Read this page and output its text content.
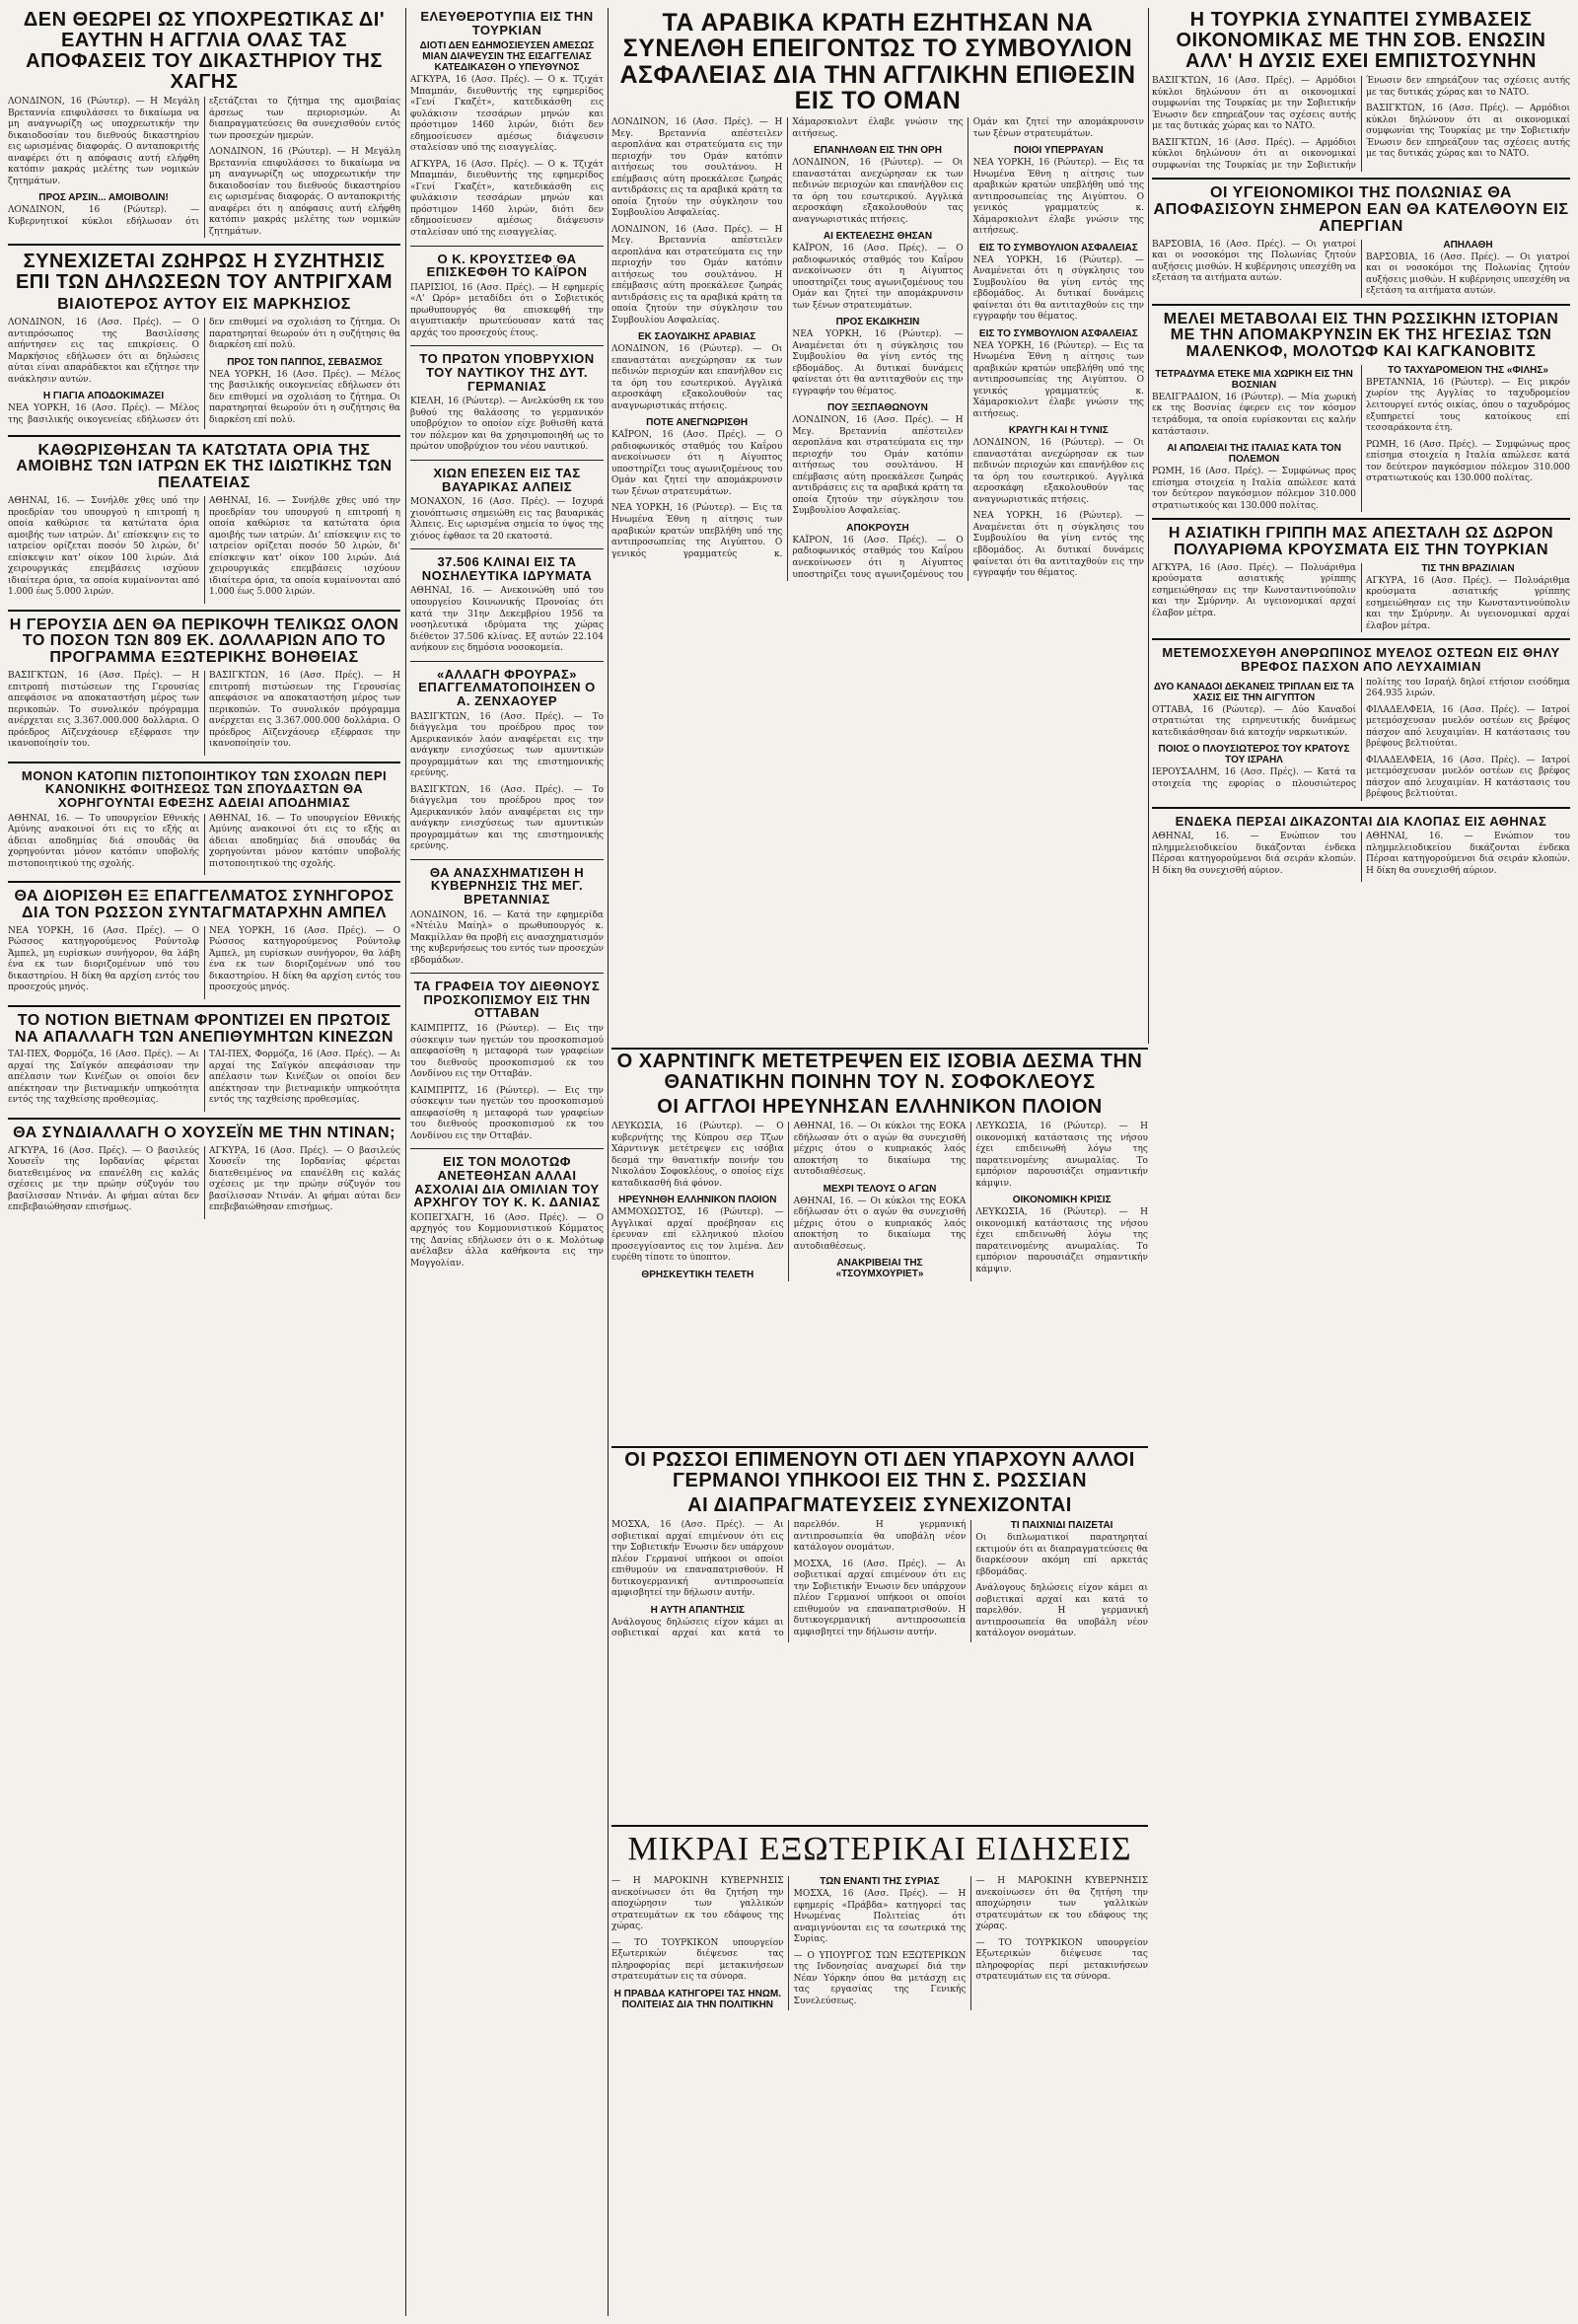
ΔΕΝ ΘΕΩΡΕΙ ΩΣ ΥΠΟΧΡΕΩΤΙΚΑΣ ΔΙ' ΕΑΥΤΗΝ Η ΑΓΓΛΙΑ ΟΛΑΣ ΤΑΣ ΑΠΟΦΑΣΕΙΣ ΤΟΥ ΔΙΚΑΣΤΗΡΙΟΥ ΤΗΣ ΧΑΓΗΣ

ΛΟΝΔΙΝΟΝ, 16 (Ρώυτερ). — Η Μεγάλη Βρεταννία επιφυλάσσει το δικαίωμα να μη αναγνωρίζη ως υποχρεωτικήν την δικαιοδοσίαν του διεθνούς δικαστηρίου εις ωρισμένας διαφοράς. Ο ανταποκριτής αναφέρει ότι η απόφασις αυτή ελήφθη κατόπιν μακράς μελέτης των νομικών ζητημάτων.

ΠΡΟΣ ΑΡΣΙΝ... ΑΜΟΙΒΟΛΙΝ!

ΛΟΝΔΙΝΟΝ, 16 (Ρώυτερ). — Κυβερνητικοί κύκλοι εδήλωσαν ότι εξετάζεται το ζήτημα της αμοιβαίας άρσεως των περιορισμών. Αι διαπραγματεύσεις θα συνεχισθούν εντός των προσεχών ημερών.

ΛΟΝΔΙΝΟΝ, 16 (Ρώυτερ). — Η Μεγάλη Βρεταννία επιφυλάσσει το δικαίωμα να μη αναγνωρίζη ως υποχρεωτικήν την δικαιοδοσίαν του διεθνούς δικαστηρίου εις ωρισμένας διαφοράς. Ο ανταποκριτής αναφέρει ότι η απόφασις αυτή ελήφθη κατόπιν μακράς μελέτης των νομικών ζητημάτων.

ΣΥΝΕΧΙΖΕΤΑΙ ΖΩΗΡΩΣ Η ΣΥΖΗΤΗΣΙΣ ΕΠΙ ΤΩΝ ΔΗΛΩΣΕΩΝ ΤΟΥ ΑΝΤΡΙΓΧΑΜ
ΒΙΑΙΟΤΕΡΟΣ ΑΥΤΟΥ ΕΙΣ ΜΑΡΚΗΣΙΟΣ

ΛΟΝΔΙΝΟΝ, 16 (Ασσ. Πρές). — Ο αντιπρόσωπος της Βασιλίσσης απήντησεν εις τας επικρίσεις. Ο Μαρκήσιος εδήλωσεν ότι αι δηλώσεις αύται είναι απαράδεκτοι και εζήτησε την ανάκλησιν αυτών.

Η ΓΙΑΓΙΑ ΑΠΟΔΟΚΙΜΑΖΕΙ

ΝΕΑ ΥΟΡΚΗ, 16 (Ασσ. Πρές). — Μέλος της βασιλικής οικογενείας εδήλωσεν ότι δεν επιθυμεί να σχολιάση το ζήτημα. Οι παρατηρηταί θεωρούν ότι η συζήτησις θα διαρκέση επί πολύ.

ΠΡΟΣ ΤΟΝ ΠΑΠΠΟΣ, ΣΕΒΑΣΜΟΣ

ΝΕΑ ΥΟΡΚΗ, 16 (Ασσ. Πρές). — Μέλος της βασιλικής οικογενείας εδήλωσεν ότι δεν επιθυμεί να σχολιάση το ζήτημα. Οι παρατηρηταί θεωρούν ότι η συζήτησις θα διαρκέση επί πολύ.

ΚΑΘΩΡΙΣΘΗΣΑΝ ΤΑ ΚΑΤΩΤΑΤΑ ΟΡΙΑ ΤΗΣ ΑΜΟΙΒΗΣ ΤΩΝ ΙΑΤΡΩΝ ΕΚ ΤΗΣ ΙΔΙΩΤΙΚΗΣ ΤΩΝ ΠΕΛΑΤΕΙΑΣ

ΑΘΗΝΑΙ, 16. — Συνήλθε χθες υπό την προεδρίαν του υπουργού η επιτροπή η οποία καθώρισε τα κατώτατα όρια αμοιβής των ιατρών. Δι' επίσκεψιν εις το ιατρείον ορίζεται ποσόν 50 λιρών, δι' επίσκεψιν κατ' οίκον 100 λιρών. Διά χειρουργικάς επεμβάσεις ισχύουν ιδιαίτερα όρια, τα οποία κυμαίνονται από 1.000 έως 5.000 λιρών.

ΑΘΗΝΑΙ, 16. — Συνήλθε χθες υπό την προεδρίαν του υπουργού η επιτροπή η οποία καθώρισε τα κατώτατα όρια αμοιβής των ιατρών. Δι' επίσκεψιν εις το ιατρείον ορίζεται ποσόν 50 λιρών, δι' επίσκεψιν κατ' οίκον 100 λιρών. Διά χειρουργικάς επεμβάσεις ισχύουν ιδιαίτερα όρια, τα οποία κυμαίνονται από 1.000 έως 5.000 λιρών.

Η ΓΕΡΟΥΣΙΑ ΔΕΝ ΘΑ ΠΕΡΙΚΟΨΗ ΤΕΛΙΚΩΣ ΟΛΟΝ ΤΟ ΠΟΣΟΝ ΤΩΝ 809 ΕΚ. ΔΟΛΛΑΡΙΩΝ ΑΠΟ ΤΟ ΠΡΟΓΡΑΜΜΑ ΕΞΩΤΕΡΙΚΗΣ ΒΟΗΘΕΙΑΣ

ΒΑΣΙΓΚΤΩΝ, 16 (Ασσ. Πρές). — Η επιτροπή πιστώσεων της Γερουσίας απεφάσισε να αποκαταστήση μέρος των περικοπών. Το συνολικόν πρόγραμμα ανέρχεται εις 3.367.000.000 δολλάρια. Ο πρόεδρος Αϊζενχάουερ εξέφρασε την ικανοποίησίν του.

ΒΑΣΙΓΚΤΩΝ, 16 (Ασσ. Πρές). — Η επιτροπή πιστώσεων της Γερουσίας απεφάσισε να αποκαταστήση μέρος των περικοπών. Το συνολικόν πρόγραμμα ανέρχεται εις 3.367.000.000 δολλάρια. Ο πρόεδρος Αϊζενχάουερ εξέφρασε την ικανοποίησίν του.

ΜΟΝΟΝ ΚΑΤΟΠΙΝ ΠΙΣΤΟΠΟΙΗΤΙΚΟΥ ΤΩΝ ΣΧΟΛΩΝ ΠΕΡΙ ΚΑΝΟΝΙΚΗΣ ΦΟΙΤΗΣΕΩΣ ΤΩΝ ΣΠΟΥΔΑΣΤΩΝ ΘΑ ΧΟΡΗΓΟΥΝΤΑΙ ΕΦΕΞΗΣ ΑΔΕΙΑΙ ΑΠΟΔΗΜΙΑΣ

ΑΘΗΝΑΙ, 16. — Το υπουργείον Εθνικής Αμύνης ανακοινοί ότι εις το εξής αι άδειαι αποδημίας διά σπουδάς θα χορηγούνται μόνον κατόπιν υποβολής πιστοποιητικού της σχολής.

ΑΘΗΝΑΙ, 16. — Το υπουργείον Εθνικής Αμύνης ανακοινοί ότι εις το εξής αι άδειαι αποδημίας διά σπουδάς θα χορηγούνται μόνον κατόπιν υποβολής πιστοποιητικού της σχολής.

ΘΑ ΔΙΟΡΙΣΘΗ ΕΞ ΕΠΑΓΓΕΛΜΑΤΟΣ ΣΥΝΗΓΟΡΟΣ ΔΙΑ ΤΟΝ ΡΩΣΣΟΝ ΣΥΝΤΑΓΜΑΤΑΡΧΗΝ ΑΜΠΕΛ

ΝΕΑ ΥΟΡΚΗ, 16 (Ασσ. Πρές). — Ο Ρώσσος κατηγορούμενος Ρούντολφ Άμπελ, μη ευρίσκων συνήγορον, θα λάβη ένα εκ των διοριζομένων υπό του δικαστηρίου. Η δίκη θα αρχίση εντός του προσεχούς μηνός.

ΝΕΑ ΥΟΡΚΗ, 16 (Ασσ. Πρές). — Ο Ρώσσος κατηγορούμενος Ρούντολφ Άμπελ, μη ευρίσκων συνήγορον, θα λάβη ένα εκ των διοριζομένων υπό του δικαστηρίου. Η δίκη θα αρχίση εντός του προσεχούς μηνός.

ΤΟ ΝΟΤΙΟΝ ΒΙΕΤΝΑΜ ΦΡΟΝΤΙΖΕΙ ΕΝ ΠΡΩΤΟΙΣ ΝΑ ΑΠΑΛΛΑΓΗ ΤΩΝ ΑΝΕΠΙΘΥΜΗΤΩΝ ΚΙΝΕΖΩΝ

ΤΑΙ-ΠΕΧ, Φορμόζα, 16 (Ασσ. Πρές). — Αι αρχαί της Σαϊγκόν απεφάσισαν την απέλασιν των Κινέζων οι οποίοι δεν απέκτησαν την βιετναμικήν υπηκοότητα εντός της ταχθείσης προθεσμίας.

ΤΑΙ-ΠΕΧ, Φορμόζα, 16 (Ασσ. Πρές). — Αι αρχαί της Σαϊγκόν απεφάσισαν την απέλασιν των Κινέζων οι οποίοι δεν απέκτησαν την βιετναμικήν υπηκοότητα εντός της ταχθείσης προθεσμίας.

ΘΑ ΣΥΝΔΙΑΛΛΑΓΗ Ο ΧΟΥΣΕΪΝ ΜΕ ΤΗΝ ΝΤΙΝΑΝ;

ΑΓΚΥΡΑ, 16 (Ασσ. Πρές). — Ο βασιλεύς Χουσεΐν της Ιορδανίας φέρεται διατεθειμένος να επανέλθη εις καλάς σχέσεις με την πρώην σύζυγόν του βασίλισσαν Ντινάν. Αι φήμαι αύται δεν επεβεβαιώθησαν επισήμως.

ΑΓΚΥΡΑ, 16 (Ασσ. Πρές). — Ο βασιλεύς Χουσεΐν της Ιορδανίας φέρεται διατεθειμένος να επανέλθη εις καλάς σχέσεις με την πρώην σύζυγόν του βασίλισσαν Ντινάν. Αι φήμαι αύται δεν επεβεβαιώθησαν επισήμως.

ΕΛΕΥΘΕΡΟΤΥΠΙΑ ΕΙΣ ΤΗΝ ΤΟΥΡΚΙΑΝ
ΔΙΟΤΙ ΔΕΝ ΕΔΗΜΟΣΙΕΥΣΕΝ ΑΜΕΣΩΣ ΜΙΑΝ ΔΙΑΨΕΥΣΙΝ ΤΗΣ ΕΙΣΑΓΓΕΛΙΑΣ ΚΑΤΕΔΙΚΑΣΘΗ Ο ΥΠΕΥΘΥΝΟΣ

ΑΓΚΥΡΑ, 16 (Ασσ. Πρές). — Ο κ. Τζιχάτ Μπαμπάν, διευθυντής της εφημερίδος «Γενί Γκαζέτ», κατεδικάσθη εις φυλάκισιν τεσσάρων μηνών και πρόστιμον 1460 λιρών, διότι δεν εδημοσίευσεν αμέσως διάψευσιν σταλείσαν υπό της εισαγγελίας.

ΑΓΚΥΡΑ, 16 (Ασσ. Πρές). — Ο κ. Τζιχάτ Μπαμπάν, διευθυντής της εφημερίδος «Γενί Γκαζέτ», κατεδικάσθη εις φυλάκισιν τεσσάρων μηνών και πρόστιμον 1460 λιρών, διότι δεν εδημοσίευσεν αμέσως διάψευσιν σταλείσαν υπό της εισαγγελίας.

Ο Κ. ΚΡΟΥΣΤΣΕΦ ΘΑ ΕΠΙΣΚΕΦΘΗ ΤΟ ΚΑΪΡΟΝ

ΠΑΡΙΣΙΟΙ, 16 (Ασσ. Πρές). — Η εφημερίς «Λ' Ωρόρ» μεταδίδει ότι ο Σοβιετικός πρωθυπουργός θα επισκεφθή την αιγυπτιακήν πρωτεύουσαν κατά τας αρχάς του προσεχούς έτους.

ΤΟ ΠΡΩΤΟΝ ΥΠΟΒΡΥΧΙΟΝ ΤΟΥ ΝΑΥΤΙΚΟΥ ΤΗΣ ΔΥΤ. ΓΕΡΜΑΝΙΑΣ

ΚΙΕΛΗ, 16 (Ρώυτερ). — Ανελκύσθη εκ του βυθού της θαλάσσης το γερμανικόν υποβρύχιον το οποίον είχε βυθισθή κατά τον πόλεμον και θα χρησιμοποιηθή ως το πρώτον υποβρύχιον του νέου ναυτικού.

ΧΙΩΝ ΕΠΕΣΕΝ ΕΙΣ ΤΑΣ ΒΑΥΑΡΙΚΑΣ ΑΛΠΕΙΣ

ΜΟΝΑΧΟΝ, 16 (Ασσ. Πρές). — Ισχυρά χιονόπτωσις σημειώθη εις τας βαυαρικάς Άλπεις. Εις ωρισμένα σημεία το ύψος της χιόνος έφθασε τα 20 εκατοστά.

37.506 ΚΛΙΝΑΙ ΕΙΣ ΤΑ ΝΟΣΗΛΕΥΤΙΚΑ ΙΔΡΥΜΑΤΑ

ΑΘΗΝΑΙ, 16. — Ανεκοινώθη υπό του υπουργείου Κοινωνικής Προνοίας ότι κατά την 31ην Δεκεμβρίου 1956 τα νοσηλευτικά ιδρύματα της χώρας διέθετον 37.506 κλίνας. Εξ αυτών 22.104 ανήκουν εις δημόσια νοσοκομεία.

«ΑΛΛΑΓΗ ΦΡΟΥΡΑΣ» ΕΠΑΓΓΕΛΜΑΤΟΠΟΙΗΣΕΝ Ο Α. ΖΕΝΧΑΟΥΕΡ

ΒΑΣΙΓΚΤΩΝ, 16 (Ασσ. Πρές). — Το διάγγελμα του προέδρου προς τον Αμερικανικόν λαόν αναφέρεται εις την ανάγκην ενισχύσεως των αμυντικών προγραμμάτων και της επιστημονικής ερεύνης.

ΒΑΣΙΓΚΤΩΝ, 16 (Ασσ. Πρές). — Το διάγγελμα του προέδρου προς τον Αμερικανικόν λαόν αναφέρεται εις την ανάγκην ενισχύσεως των αμυντικών προγραμμάτων και της επιστημονικής ερεύνης.

ΘΑ ΑΝΑΣΧΗΜΑΤΙΣΘΗ Η ΚΥΒΕΡΝΗΣΙΣ ΤΗΣ ΜΕΓ. ΒΡΕΤΑΝΝΙΑΣ

ΛΟΝΔΙΝΟΝ, 16. — Κατά την εφημερίδα «Ντέιλυ Μαίηλ» ο πρωθυπουργός κ. Μακμίλλαν θα προβή εις ανασχηματισμόν της κυβερνήσεως του εντός των προσεχών εβδομάδων.

ΤΑ ΓΡΑΦΕΙΑ ΤΟΥ ΔΙΕΘΝΟΥΣ ΠΡΟΣΚΟΠΙΣΜΟΥ ΕΙΣ ΤΗΝ ΟΤΤΑΒΑΝ

ΚΑΙΜΠΡΙΤΖ, 16 (Ρώυτερ). — Εις την σύσκεψιν των ηγετών του προσκοπισμού απεφασίσθη η μεταφορά των γραφείων του διεθνούς προσκοπισμού εκ του Λονδίνου εις την Οτταβάν.

ΚΑΙΜΠΡΙΤΖ, 16 (Ρώυτερ). — Εις την σύσκεψιν των ηγετών του προσκοπισμού απεφασίσθη η μεταφορά των γραφείων του διεθνούς προσκοπισμού εκ του Λονδίνου εις την Οτταβάν.

ΕΙΣ ΤΟΝ ΜΟΛΟΤΩΦ ΑΝΕΤΕΘΗΣΑΝ ΑΛΛΑΙ ΑΣΧΟΛΙΑΙ ΔΙΑ ΟΜΙΛΙΑΝ ΤΟΥ ΑΡΧΗΓΟΥ ΤΟΥ Κ. Κ. ΔΑΝΙΑΣ

ΚΟΠΕΓΧΑΓΗ, 16 (Ασσ. Πρές). — Ο αρχηγός του Κομμουνιστικού Κόμματος της Δανίας εδήλωσεν ότι ο κ. Μολότωφ ανέλαβεν άλλα καθήκοντα εις την Μογγολίαν.

ΤΑ ΑΡΑΒΙΚΑ ΚΡΑΤΗ ΕΖΗΤΗΣΑΝ ΝΑ ΣΥΝΕΛΘΗ ΕΠΕΙΓΟΝΤΩΣ ΤΟ ΣΥΜΒΟΥΛΙΟΝ ΑΣΦΑΛΕΙΑΣ ΔΙΑ ΤΗΝ ΑΓΓΛΙΚΗΝ ΕΠΙΘΕΣΙΝ ΕΙΣ ΤΟ ΟΜΑΝ

ΛΟΝΔΙΝΟΝ, 16 (Ασσ. Πρές). — Η Μεγ. Βρεταννία απέστειλεν αεροπλάνα και στρατεύματα εις την περιοχήν του Ομάν κατόπιν αιτήσεως του σουλτάνου. Η επέμβασις αύτη προεκάλεσε ζωηράς αντιδράσεις εις τα αραβικά κράτη τα οποία ζητούν την σύγκλησιν του Συμβουλίου Ασφαλείας.

ΛΟΝΔΙΝΟΝ, 16 (Ασσ. Πρές). — Η Μεγ. Βρεταννία απέστειλεν αεροπλάνα και στρατεύματα εις την περιοχήν του Ομάν κατόπιν αιτήσεως του σουλτάνου. Η επέμβασις αύτη προεκάλεσε ζωηράς αντιδράσεις εις τα αραβικά κράτη τα οποία ζητούν την σύγκλησιν του Συμβουλίου Ασφαλείας.

ΕΚ ΣΑΟΥΔΙΚΗΣ ΑΡΑΒΙΑΣ

ΛΟΝΔΙΝΟΝ, 16 (Ρώυτερ). — Οι επαναστάται ανεχώρησαν εκ των πεδινών περιοχών και επανήλθον εις τα όρη του εσωτερικού. Αγγλικά αεροσκάφη εξακολουθούν τας αναγνωριστικάς πτήσεις.

ΠΟΤΕ ΑΝΕΓΝΩΡΙΣΘΗ

ΚΑΪΡΟΝ, 16 (Ασσ. Πρές). — Ο ραδιοφωνικός σταθμός του Καΐρου ανεκοίνωσεν ότι η Αίγυπτος υποστηρίζει τους αγωνιζομένους του Ομάν και ζητεί την απομάκρυνσιν των ξένων στρατευμάτων.

ΝΕΑ ΥΟΡΚΗ, 16 (Ρώυτερ). — Εις τα Ηνωμένα Έθνη η αίτησις των αραβικών κρατών υπεβλήθη υπό της αντιπροσωπείας της Αιγύπτου. Ο γενικός γραμματεύς κ. Χάμαρσκιολντ έλαβε γνώσιν της αιτήσεως.

ΕΠΑΝΗΛΘΑΝ ΕΙΣ ΤΗΝ ΟΡΗ

ΛΟΝΔΙΝΟΝ, 16 (Ρώυτερ). — Οι επαναστάται ανεχώρησαν εκ των πεδινών περιοχών και επανήλθον εις τα όρη του εσωτερικού. Αγγλικά αεροσκάφη εξακολουθούν τας αναγνωριστικάς πτήσεις.

ΑΙ ΕΚΤΕΛΕΣΗΣ ΘΗΣΑΝ

ΚΑΪΡΟΝ, 16 (Ασσ. Πρές). — Ο ραδιοφωνικός σταθμός του Καΐρου ανεκοίνωσεν ότι η Αίγυπτος υποστηρίζει τους αγωνιζομένους του Ομάν και ζητεί την απομάκρυνσιν των ξένων στρατευμάτων.

ΠΡΟΣ ΕΚΔΙΚΗΣΙΝ

ΝΕΑ ΥΟΡΚΗ, 16 (Ρώυτερ). — Αναμένεται ότι η σύγκλησις του Συμβουλίου θα γίνη εντός της εβδομάδος. Αι δυτικαί δυνάμεις φαίνεται ότι θα αντιταχθούν εις την εγγραφήν του θέματος.

ΠΟΥ ΞΕΣΠΑΘΩΝΟΥΝ

ΛΟΝΔΙΝΟΝ, 16 (Ασσ. Πρές). — Η Μεγ. Βρεταννία απέστειλεν αεροπλάνα και στρατεύματα εις την περιοχήν του Ομάν κατόπιν αιτήσεως του σουλτάνου. Η επέμβασις αύτη προεκάλεσε ζωηράς αντιδράσεις εις τα αραβικά κράτη τα οποία ζητούν την σύγκλησιν του Συμβουλίου Ασφαλείας.

ΑΠΟΚΡΟΥΣΗ

ΚΑΪΡΟΝ, 16 (Ασσ. Πρές). — Ο ραδιοφωνικός σταθμός του Καΐρου ανεκοίνωσεν ότι η Αίγυπτος υποστηρίζει τους αγωνιζομένους του Ομάν και ζητεί την απομάκρυνσιν των ξένων στρατευμάτων.

ΠΟΙΟΙ ΥΠΕΡΡΑΥΑΝ

ΝΕΑ ΥΟΡΚΗ, 16 (Ρώυτερ). — Εις τα Ηνωμένα Έθνη η αίτησις των αραβικών κρατών υπεβλήθη υπό της αντιπροσωπείας της Αιγύπτου. Ο γενικός γραμματεύς κ. Χάμαρσκιολντ έλαβε γνώσιν της αιτήσεως.

ΕΙΣ ΤΟ ΣΥΜΒΟΥΛΙΟΝ ΑΣΦΑΛΕΙΑΣ

ΝΕΑ ΥΟΡΚΗ, 16 (Ρώυτερ). — Αναμένεται ότι η σύγκλησις του Συμβουλίου θα γίνη εντός της εβδομάδος. Αι δυτικαί δυνάμεις φαίνεται ότι θα αντιταχθούν εις την εγγραφήν του θέματος.

ΕΙΣ ΤΟ ΣΥΜΒΟΥΛΙΟΝ ΑΣΦΑΛΕΙΑΣ

ΝΕΑ ΥΟΡΚΗ, 16 (Ρώυτερ). — Εις τα Ηνωμένα Έθνη η αίτησις των αραβικών κρατών υπεβλήθη υπό της αντιπροσωπείας της Αιγύπτου. Ο γενικός γραμματεύς κ. Χάμαρσκιολντ έλαβε γνώσιν της αιτήσεως.

ΚΡΑΥΓΗ ΚΑΙ Η ΤΥΝΙΣ

ΛΟΝΔΙΝΟΝ, 16 (Ρώυτερ). — Οι επαναστάται ανεχώρησαν εκ των πεδινών περιοχών και επανήλθον εις τα όρη του εσωτερικού. Αγγλικά αεροσκάφη εξακολουθούν τας αναγνωριστικάς πτήσεις.

ΝΕΑ ΥΟΡΚΗ, 16 (Ρώυτερ). — Αναμένεται ότι η σύγκλησις του Συμβουλίου θα γίνη εντός της εβδομάδος. Αι δυτικαί δυνάμεις φαίνεται ότι θα αντιταχθούν εις την εγγραφήν του θέματος.

Η ΤΟΥΡΚΙΑ ΣΥΝΑΠΤΕΙ ΣΥΜΒΑΣΕΙΣ ΟΙΚΟΝΟΜΙΚΑΣ ΜΕ ΤΗΝ ΣΟΒ. ΕΝΩΣΙΝ ΑΛΛ' Η ΔΥΣΙΣ ΕΧΕΙ ΕΜΠΙΣΤΟΣΥΝΗΝ

ΒΑΣΙΓΚΤΩΝ, 16 (Ασσ. Πρές). — Αρμόδιοι κύκλοι δηλώνουν ότι αι οικονομικαί συμφωνίαι της Τουρκίας με την Σοβιετικήν Ένωσιν δεν επηρεάζουν τας σχέσεις αυτής με τας δυτικάς χώρας και το ΝΑΤΟ.

ΒΑΣΙΓΚΤΩΝ, 16 (Ασσ. Πρές). — Αρμόδιοι κύκλοι δηλώνουν ότι αι οικονομικαί συμφωνίαι της Τουρκίας με την Σοβιετικήν Ένωσιν δεν επηρεάζουν τας σχέσεις αυτής με τας δυτικάς χώρας και το ΝΑΤΟ.

ΒΑΣΙΓΚΤΩΝ, 16 (Ασσ. Πρές). — Αρμόδιοι κύκλοι δηλώνουν ότι αι οικονομικαί συμφωνίαι της Τουρκίας με την Σοβιετικήν Ένωσιν δεν επηρεάζουν τας σχέσεις αυτής με τας δυτικάς χώρας και το ΝΑΤΟ.

ΟΙ ΥΓΕΙΟΝΟΜΙΚΟΙ ΤΗΣ ΠΟΛΩΝΙΑΣ ΘΑ ΑΠΟΦΑΣΙΣΟΥΝ ΣΗΜΕΡΟΝ ΕΑΝ ΘΑ ΚΑΤΕΛΘΟΥΝ ΕΙΣ ΑΠΕΡΓΙΑΝ

ΒΑΡΣΟΒΙΑ, 16 (Ασσ. Πρές). — Οι γιατροί και οι νοσοκόμοι της Πολωνίας ζητούν αυξήσεις μισθών. Η κυβέρνησις υπεσχέθη να εξετάση τα αιτήματα αυτών.

ΑΠΗΛΑΘΗ

ΒΑΡΣΟΒΙΑ, 16 (Ασσ. Πρές). — Οι γιατροί και οι νοσοκόμοι της Πολωνίας ζητούν αυξήσεις μισθών. Η κυβέρνησις υπεσχέθη να εξετάση τα αιτήματα αυτών.

ΜΕΛΕΙ ΜΕΤΑΒΟΛΑΙ ΕΙΣ ΤΗΝ ΡΩΣΣΙΚΗΝ ΙΣΤΟΡΙΑΝ ΜΕ ΤΗΝ ΑΠΟΜΑΚΡΥΝΣΙΝ ΕΚ ΤΗΣ ΗΓΕΣΙΑΣ ΤΩΝ ΜΑΛΕΝΚΟΦ, ΜΟΛΟΤΩΦ ΚΑΙ ΚΑΓΚΑΝΟΒΙΤΣ
ΤΕΤΡΑΔΥΜΑ ΕΤΕΚΕ ΜΙΑ ΧΩΡΙΚΗ ΕΙΣ ΤΗΝ ΒΟΣΝΙΑΝ

ΒΕΛΙΓΡΑΔΙΟΝ, 16 (Ρώυτερ). — Μία χωρική εκ της Βοσνίας έφερεν εις τον κόσμον τετράδυμα, τα οποία ευρίσκονται εις καλήν κατάστασιν.

ΑΙ ΑΠΩΛΕΙΑΙ ΤΗΣ ΙΤΑΛΙΑΣ ΚΑΤΑ ΤΟΝ ΠΟΛΕΜΟΝ

ΡΩΜΗ, 16 (Ασσ. Πρές). — Συμφώνως προς επίσημα στοιχεία η Ιταλία απώλεσε κατά τον δεύτερον παγκόσμιον πόλεμον 310.000 στρατιωτικούς και 130.000 πολίτας.

ΤΟ ΤΑΧΥΔΡΟΜΕΙΟΝ ΤΗΣ «ΦΙΛΗΣ»

ΒΡΕΤΑΝΝΙΑ, 16 (Ρώυτερ). — Εις μικρόν χωρίον της Αγγλίας το ταχυδρομείον λειτουργεί εντός οικίας, όπου ο ταχυδρόμος εξυπηρετεί τους κατοίκους επί τεσσαράκοντα έτη.

ΡΩΜΗ, 16 (Ασσ. Πρές). — Συμφώνως προς επίσημα στοιχεία η Ιταλία απώλεσε κατά τον δεύτερον παγκόσμιον πόλεμον 310.000 στρατιωτικούς και 130.000 πολίτας.

Η ΑΣΙΑΤΙΚΗ ΓΡΙΠΠΗ ΜΑΣ ΑΠΕΣΤΑΛΗ ΩΣ ΔΩΡΟΝ ΠΟΛΥΑΡΙΘΜΑ ΚΡΟΥΣΜΑΤΑ ΕΙΣ ΤΗΝ ΤΟΥΡΚΙΑΝ

ΑΓΚΥΡΑ, 16 (Ασσ. Πρές). — Πολυάριθμα κρούσματα ασιατικής γρίππης εσημειώθησαν εις την Κωνσταντινούπολιν και την Σμύρνην. Αι υγειονομικαί αρχαί έλαβον μέτρα.

ΤΙΣ ΤΗΝ ΒΡΑΖΙΛΙΑΝ

ΑΓΚΥΡΑ, 16 (Ασσ. Πρές). — Πολυάριθμα κρούσματα ασιατικής γρίππης εσημειώθησαν εις την Κωνσταντινούπολιν και την Σμύρνην. Αι υγειονομικαί αρχαί έλαβον μέτρα.

ΜΕΤΕΜΟΣΧΕΥΘΗ ΑΝΘΡΩΠΙΝΟΣ ΜΥΕΛΟΣ ΟΣΤΕΩΝ ΕΙΣ ΘΗΛΥ ΒΡΕΦΟΣ ΠΑΣΧΟΝ ΑΠΟ ΛΕΥΧΑΙΜΙΑΝ
ΔΥΟ ΚΑΝΑΔΟΙ ΔΕΚΑΝΕΙΣ ΤΡΙΠΛΑΝ ΕΙΣ ΤΑ ΧΑΣΙΣ ΕΙΣ ΤΗΝ ΑΙΓΥΠΤΟΝ

ΟΤΤΑΒΑ, 16 (Ρώυτερ). — Δύο Καναδοί στρατιώται της ειρηνευτικής δυνάμεως κατεδικάσθησαν διά κατοχήν ναρκωτικών.

ΠΟΙΟΣ Ο ΠΛΟΥΣΙΩΤΕΡΟΣ ΤΟΥ ΚΡΑΤΟΥΣ ΤΟΥ ΙΣΡΑΗΛ

ΙΕΡΟΥΣΑΛΗΜ, 16 (Ασσ. Πρές). — Κατά τα στοιχεία της εφορίας ο πλουσιώτερος πολίτης του Ισραήλ δηλοί ετήσιον εισόδημα 264.935 λιρών.

ΦΙΛΑΔΕΛΦΕΙΑ, 16 (Ασσ. Πρές). — Ιατροί μετεμόσχευσαν μυελόν οστέων εις βρέφος πάσχον από λευχαιμίαν. Η κατάστασις του βρέφους βελτιούται.

ΦΙΛΑΔΕΛΦΕΙΑ, 16 (Ασσ. Πρές). — Ιατροί μετεμόσχευσαν μυελόν οστέων εις βρέφος πάσχον από λευχαιμίαν. Η κατάστασις του βρέφους βελτιούται.

ΕΝΔΕΚΑ ΠΕΡΣΑΙ ΔΙΚΑΖΟΝΤΑΙ ΔΙΑ ΚΛΟΠΑΣ ΕΙΣ ΑΘΗΝΑΣ

ΑΘΗΝΑΙ, 16. — Ενώπιον του πλημμελειοδικείου δικάζονται ένδεκα Πέρσαι κατηγορούμενοι διά σειράν κλοπών. Η δίκη θα συνεχισθή αύριον.

ΑΘΗΝΑΙ, 16. — Ενώπιον του πλημμελειοδικείου δικάζονται ένδεκα Πέρσαι κατηγορούμενοι διά σειράν κλοπών. Η δίκη θα συνεχισθή αύριον.

Ο ΧΑΡΝΤΙΝΓΚ ΜΕΤΕΤΡΕΨΕΝ ΕΙΣ ΙΣΟΒΙΑ ΔΕΣΜΑ ΤΗΝ ΘΑΝΑΤΙΚΗΝ ΠΟΙΝΗΝ ΤΟΥ Ν. ΣΟΦΟΚΛΕΟΥΣ
ΟΙ ΑΓΓΛΟΙ ΗΡΕΥΝΗΣΑΝ ΕΛΛΗΝΙΚΟΝ ΠΛΟΙΟΝ

ΛΕΥΚΩΣΙΑ, 16 (Ρώυτερ). — Ο κυβερνήτης της Κύπρου σερ Τζων Χάρντινγκ μετέτρεψεν εις ισόβια δεσμά την θανατικήν ποινήν του Νικολάου Σοφοκλέους, ο οποίος είχε καταδικασθή διά φόνον.

ΗΡΕΥΝΗΘΗ ΕΛΛΗΝΙΚΟΝ ΠΛΟΙΟΝ

ΑΜΜΟΧΩΣΤΟΣ, 16 (Ρώυτερ). — Αγγλικαί αρχαί προέβησαν εις έρευναν επί ελληνικού πλοίου προσεγγίσαντος εις τον λιμένα. Δεν ευρέθη τίποτε το ύποπτον.

ΘΡΗΣΚΕΥΤΙΚΗ ΤΕΛΕΤΗ

ΑΘΗΝΑΙ, 16. — Οι κύκλοι της ΕΟΚΑ εδήλωσαν ότι ο αγών θα συνεχισθή μέχρις ότου ο κυπριακός λαός αποκτήση το δικαίωμα της αυτοδιαθέσεως.

ΜΕΧΡΙ ΤΕΛΟΥΣ Ο ΑΓΩΝ

ΑΘΗΝΑΙ, 16. — Οι κύκλοι της ΕΟΚΑ εδήλωσαν ότι ο αγών θα συνεχισθή μέχρις ότου ο κυπριακός λαός αποκτήση το δικαίωμα της αυτοδιαθέσεως.

ΑΝΑΚΡΙΒΕΙΑΙ ΤΗΣ «ΤΣΟΥΜΧΟΥΡΙΕΤ»

ΛΕΥΚΩΣΙΑ, 16 (Ρώυτερ). — Η οικονομική κατάστασις της νήσου έχει επιδεινωθή λόγω της παρατεινομένης ανωμαλίας. Το εμπόριον παρουσιάζει σημαντικήν κάμψιν.

ΟΙΚΟΝΟΜΙΚΗ ΚΡΙΣΙΣ

ΛΕΥΚΩΣΙΑ, 16 (Ρώυτερ). — Η οικονομική κατάστασις της νήσου έχει επιδεινωθή λόγω της παρατεινομένης ανωμαλίας. Το εμπόριον παρουσιάζει σημαντικήν κάμψιν.

ΟΙ ΡΩΣΣΟΙ ΕΠΙΜΕΝΟΥΝ ΟΤΙ ΔΕΝ ΥΠΑΡΧΟΥΝ ΑΛΛΟΙ ΓΕΡΜΑΝΟΙ ΥΠΗΚΟΟΙ ΕΙΣ ΤΗΝ Σ. ΡΩΣΣΙΑΝ
ΑΙ ΔΙΑΠΡΑΓΜΑΤΕΥΣΕΙΣ ΣΥΝΕΧΙΖΟΝΤΑΙ

ΜΟΣΧΑ, 16 (Ασσ. Πρές). — Αι σοβιετικαί αρχαί επιμένουν ότι εις την Σοβιετικήν Ένωσιν δεν υπάρχουν πλέον Γερμανοί υπήκοοι οι οποίοι επιθυμούν να επαναπατρισθούν. Η δυτικογερμανική αντιπροσωπεία αμφισβητεί την δήλωσιν αυτήν.

Η ΑΥΤΗ ΑΠΑΝΤΗΣΙΣ

Ανάλογους δηλώσεις είχον κάμει αι σοβιετικαί αρχαί και κατά το παρελθόν. Η γερμανική αντιπροσωπεία θα υποβάλη νέον κατάλογον ονομάτων.

ΜΟΣΧΑ, 16 (Ασσ. Πρές). — Αι σοβιετικαί αρχαί επιμένουν ότι εις την Σοβιετικήν Ένωσιν δεν υπάρχουν πλέον Γερμανοί υπήκοοι οι οποίοι επιθυμούν να επαναπατρισθούν. Η δυτικογερμανική αντιπροσωπεία αμφισβητεί την δήλωσιν αυτήν.

ΤΙ ΠΑΙΧΝΙΔΙ ΠΑΙΖΕΤΑΙ

Οι διπλωματικοί παρατηρηταί εκτιμούν ότι αι διαπραγματεύσεις θα διαρκέσουν ακόμη επί αρκετάς εβδομάδας.

Ανάλογους δηλώσεις είχον κάμει αι σοβιετικαί αρχαί και κατά το παρελθόν. Η γερμανική αντιπροσωπεία θα υποβάλη νέον κατάλογον ονομάτων.

ΜΙΚΡΑΙ ΕΞΩΤΕΡΙΚΑΙ ΕΙΔΗΣΕΙΣ

— Η ΜΑΡΟΚΙΝΗ ΚΥΒΕΡΝΗΣΙΣ ανεκοίνωσεν ότι θα ζητήση την αποχώρησιν των γαλλικών στρατευμάτων εκ του εδάφους της χώρας.

— ΤΟ ΤΟΥΡΚΙΚΟΝ υπουργείον Εξωτερικών διέψευσε τας πληροφορίας περί μετακινήσεων στρατευμάτων εις τα σύνορα.

Η ΠΡΑΒΔΑ ΚΑΤΗΓΟΡΕΙ ΤΑΣ ΗΝΩΜ. ΠΟΛΙΤΕΙΑΣ ΔΙΑ ΤΗΝ ΠΟΛΙΤΙΚΗΝ ΤΩΝ ΕΝΑΝΤΙ ΤΗΣ ΣΥΡΙΑΣ

ΜΟΣΧΑ, 16 (Ασσ. Πρές). — Η εφημερίς «Πράβδα» κατηγορεί τας Ηνωμένας Πολιτείας ότι αναμιγνύονται εις τα εσωτερικά της Συρίας.

— Ο ΥΠΟΥΡΓΟΣ ΤΩΝ ΕΞΩΤΕΡΙΚΩΝ της Ινδονησίας αναχωρεί διά την Νέαν Υόρκην όπου θα μετάσχη εις τας εργασίας της Γενικής Συνελεύσεως.

— Η ΜΑΡΟΚΙΝΗ ΚΥΒΕΡΝΗΣΙΣ ανεκοίνωσεν ότι θα ζητήση την αποχώρησιν των γαλλικών στρατευμάτων εκ του εδάφους της χώρας.

— ΤΟ ΤΟΥΡΚΙΚΟΝ υπουργείον Εξωτερικών διέψευσε τας πληροφορίας περί μετακινήσεων στρατευμάτων εις τα σύνορα.
